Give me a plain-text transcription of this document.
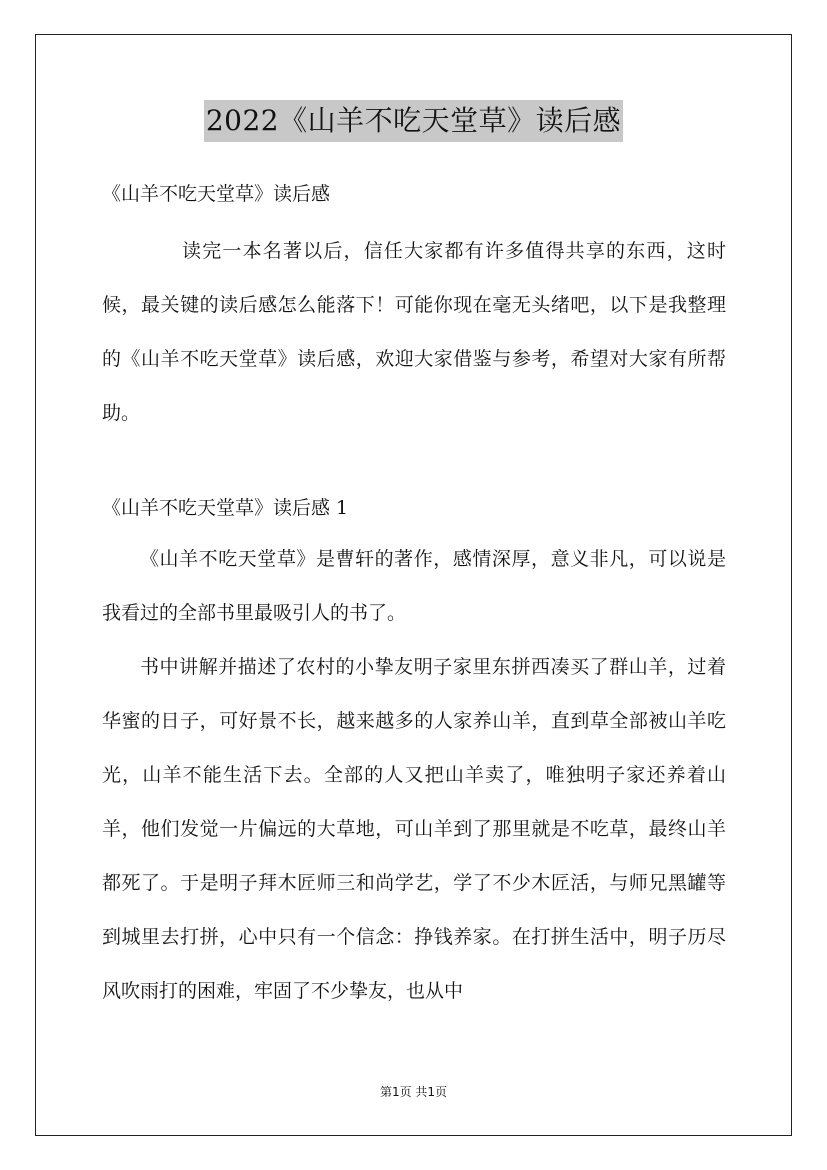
2022《山羊不吃天堂草》读后感

《山羊不吃天堂草》读后感

读完一本名著以后，信任大家都有许多值得共享的东西，这时候，最关键的读后感怎么能落下！可能你现在毫无头绪吧，以下是我整理的《山羊不吃天堂草》读后感，欢迎大家借鉴与参考，希望对大家有所帮助。

《山羊不吃天堂草》读后感 1

《山羊不吃天堂草》是曹轩的著作，感情深厚，意义非凡，可以说是我看过的全部书里最吸引人的书了。

书中讲解并描述了农村的小挚友明子家里东拼西凑买了群山羊，过着华蜜的日子，可好景不长，越来越多的人家养山羊，直到草全部被山羊吃光，山羊不能生活下去。全部的人又把山羊卖了，唯独明子家还养着山羊，他们发觉一片偏远的大草地，可山羊到了那里就是不吃草，最终山羊都死了。于是明子拜木匠师三和尚学艺，学了不少木匠活，与师兄黑罐等到城里去打拼，心中只有一个信念：挣钱养家。在打拼生活中，明子历尽风吹雨打的困难，牢固了不少挚友，也从中

第1页 共1页
